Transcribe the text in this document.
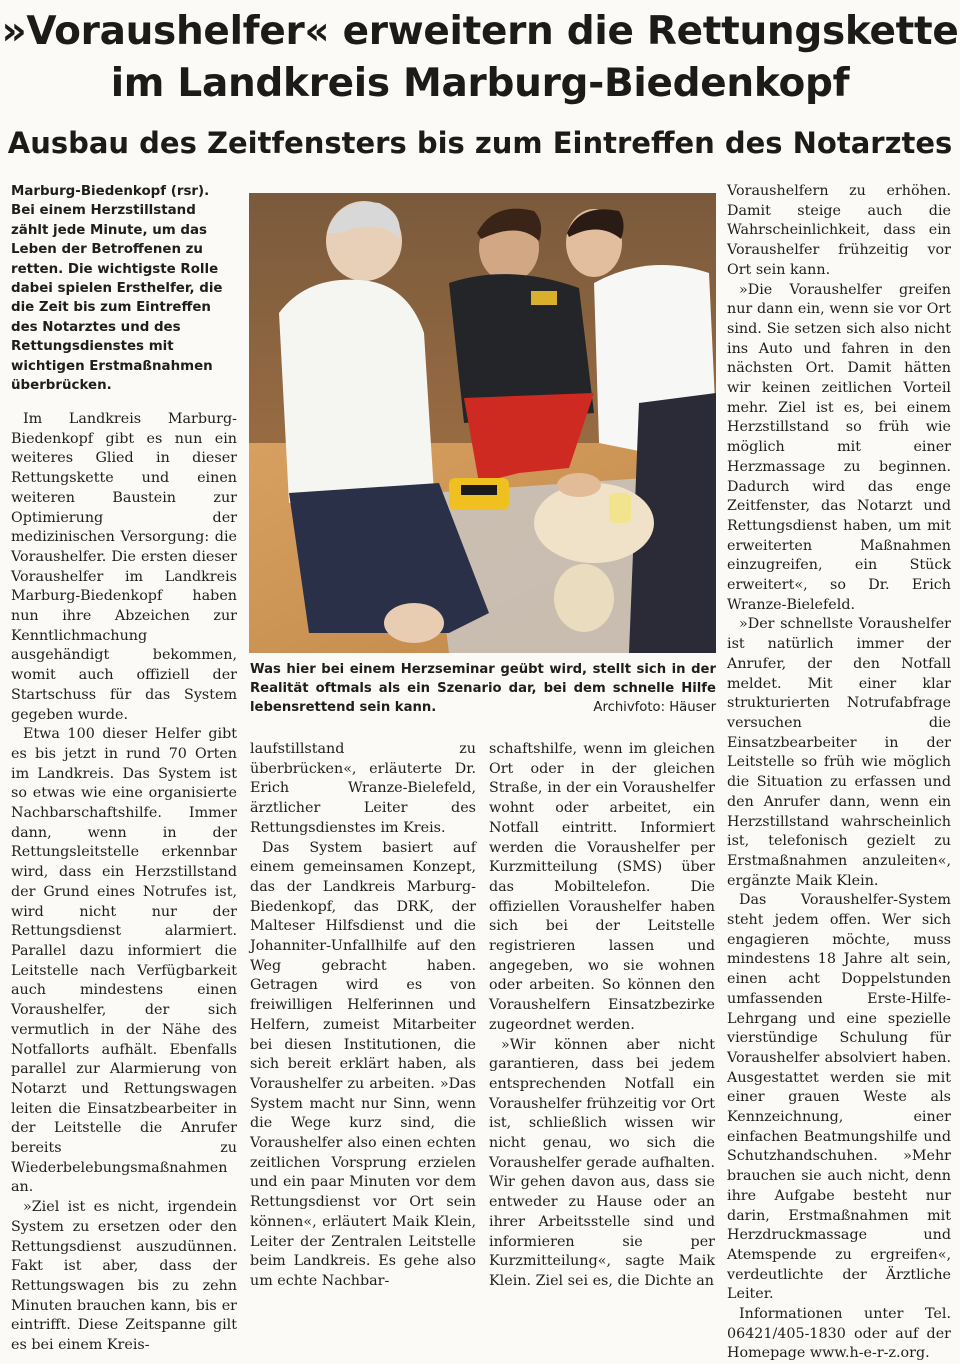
»Voraushelfer« erweitern die Rettungskette
im Landkreis Marburg-Biedenkopf
Ausbau des Zeitfensters bis zum Eintreffen des Notarztes

Marburg-Biedenkopf (rsr). Bei einem Herzstillstand zählt jede Minute, um das Leben der Betroffenen zu retten. Die wichtigste Rolle dabei spielen Ersthelfer, die die Zeit bis zum Eintreffen des Notarztes und des Rettungsdienstes mit wichtigen Erstmaßnahmen überbrücken.

Im Landkreis Marburg-Biedenkopf gibt es nun ein weiteres Glied in dieser Rettungskette und einen weiteren Baustein zur Optimierung der medizinischen Versorgung: die Voraushelfer. Die ersten dieser Voraushelfer im Landkreis Marburg-Biedenkopf haben nun ihre Abzeichen zur Kenntlichmachung ausgehändigt bekommen, womit auch offiziell der Startschuss für das System gegeben wurde.

Etwa 100 dieser Helfer gibt es bis jetzt in rund 70 Orten im Landkreis. Das System ist so etwas wie eine organisierte Nachbarschaftshilfe. Immer dann, wenn in der Rettungsleitstelle erkennbar wird, dass ein Herzstillstand der Grund eines Notrufes ist, wird nicht nur der Rettungsdienst alarmiert. Parallel dazu informiert die Leitstelle nach Verfügbarkeit auch mindestens einen Voraushelfer, der sich vermutlich in der Nähe des Notfallorts aufhält. Ebenfalls parallel zur Alarmierung von Notarzt und Rettungswagen leiten die Einsatzbearbeiter in der Leitstelle die Anrufer bereits zu Wiederbelebungsmaßnahmen an.

»Ziel ist es nicht, irgendein System zu ersetzen oder den Rettungsdienst auszudünnen. Fakt ist aber, dass der Rettungswagen bis zu zehn Minuten brauchen kann, bis er eintrifft. Diese Zeitspanne gilt es bei einem Kreis-

Was hier bei einem Herzseminar geübt wird, stellt sich in der Realität oftmals als ein Szenario dar, bei dem schnelle Hilfe lebensrettend sein kann.	Archivfoto: Häuser

laufstillstand zu überbrücken«, erläuterte Dr. Erich Wranze-Bielefeld, ärztlicher Leiter des Rettungsdienstes im Kreis.

Das System basiert auf einem gemeinsamen Konzept, das der Landkreis Marburg-Biedenkopf, das DRK, der Malteser Hilfsdienst und die Johanniter-Unfallhilfe auf den Weg gebracht haben. Getragen wird es von freiwilligen Helferinnen und Helfern, zumeist Mitarbeiter bei diesen Institutionen, die sich bereit erklärt haben, als Voraushelfer zu arbeiten. »Das System macht nur Sinn, wenn die Wege kurz sind, die Voraushelfer also einen echten zeitlichen Vorsprung erzielen und ein paar Minuten vor dem Rettungsdienst vor Ort sein können«, erläutert Maik Klein, Leiter der Zentralen Leitstelle beim Landkreis. Es gehe also um echte Nachbar-

schaftshilfe, wenn im gleichen Ort oder in der gleichen Straße, in der ein Voraushelfer wohnt oder arbeitet, ein Notfall eintritt. Informiert werden die Voraushelfer per Kurzmitteilung (SMS) über das Mobiltelefon. Die offiziellen Voraushelfer haben sich bei der Leitstelle registrieren lassen und angegeben, wo sie wohnen oder arbeiten. So können den Voraushelfern Einsatzbezirke zugeordnet werden.

»Wir können aber nicht garantieren, dass bei jedem entsprechenden Notfall ein Voraushelfer frühzeitig vor Ort ist, schließlich wissen wir nicht genau, wo sich die Voraushelfer gerade aufhalten. Wir gehen davon aus, dass sie entweder zu Hause oder an ihrer Arbeitsstelle sind und informieren sie per Kurzmitteilung«, sagte Maik Klein. Ziel sei es, die Dichte an

Voraushelfern zu erhöhen. Damit steige auch die Wahrscheinlichkeit, dass ein Voraushelfer frühzeitig vor Ort sein kann.

»Die Voraushelfer greifen nur dann ein, wenn sie vor Ort sind. Sie setzen sich also nicht ins Auto und fahren in den nächsten Ort. Damit hätten wir keinen zeitlichen Vorteil mehr. Ziel ist es, bei einem Herzstillstand so früh wie möglich mit einer Herzmassage zu beginnen. Dadurch wird das enge Zeitfenster, das Notarzt und Rettungsdienst haben, um mit erweiterten Maßnahmen einzugreifen, ein Stück erweitert«, so Dr. Erich Wranze-Bielefeld.

»Der schnellste Voraushelfer ist natürlich immer der Anrufer, der den Notfall meldet. Mit einer klar strukturierten Notrufabfrage versuchen die Einsatzbearbeiter in der Leitstelle so früh wie möglich die Situation zu erfassen und den Anrufer dann, wenn ein Herzstillstand wahrscheinlich ist, telefonisch gezielt zu Erstmaßnahmen anzuleiten«, ergänzte Maik Klein.

Das Voraushelfer-System steht jedem offen. Wer sich engagieren möchte, muss mindestens 18 Jahre alt sein, einen acht Doppelstunden umfassenden Erste-Hilfe-Lehrgang und eine spezielle vierstündige Schulung für Voraushelfer absolviert haben. Ausgestattet werden sie mit einer grauen Weste als Kennzeichnung, einer einfachen Beatmungshilfe und Schutzhandschuhen. »Mehr brauchen sie auch nicht, denn ihre Aufgabe besteht nur darin, Erstmaßnahmen mit Herzdruckmassage und Atemspende zu ergreifen«, verdeutlichte der Ärztliche Leiter.

Informationen unter Tel. 06421/405-1830 oder auf der Homepage www.h-e-r-z.org.
